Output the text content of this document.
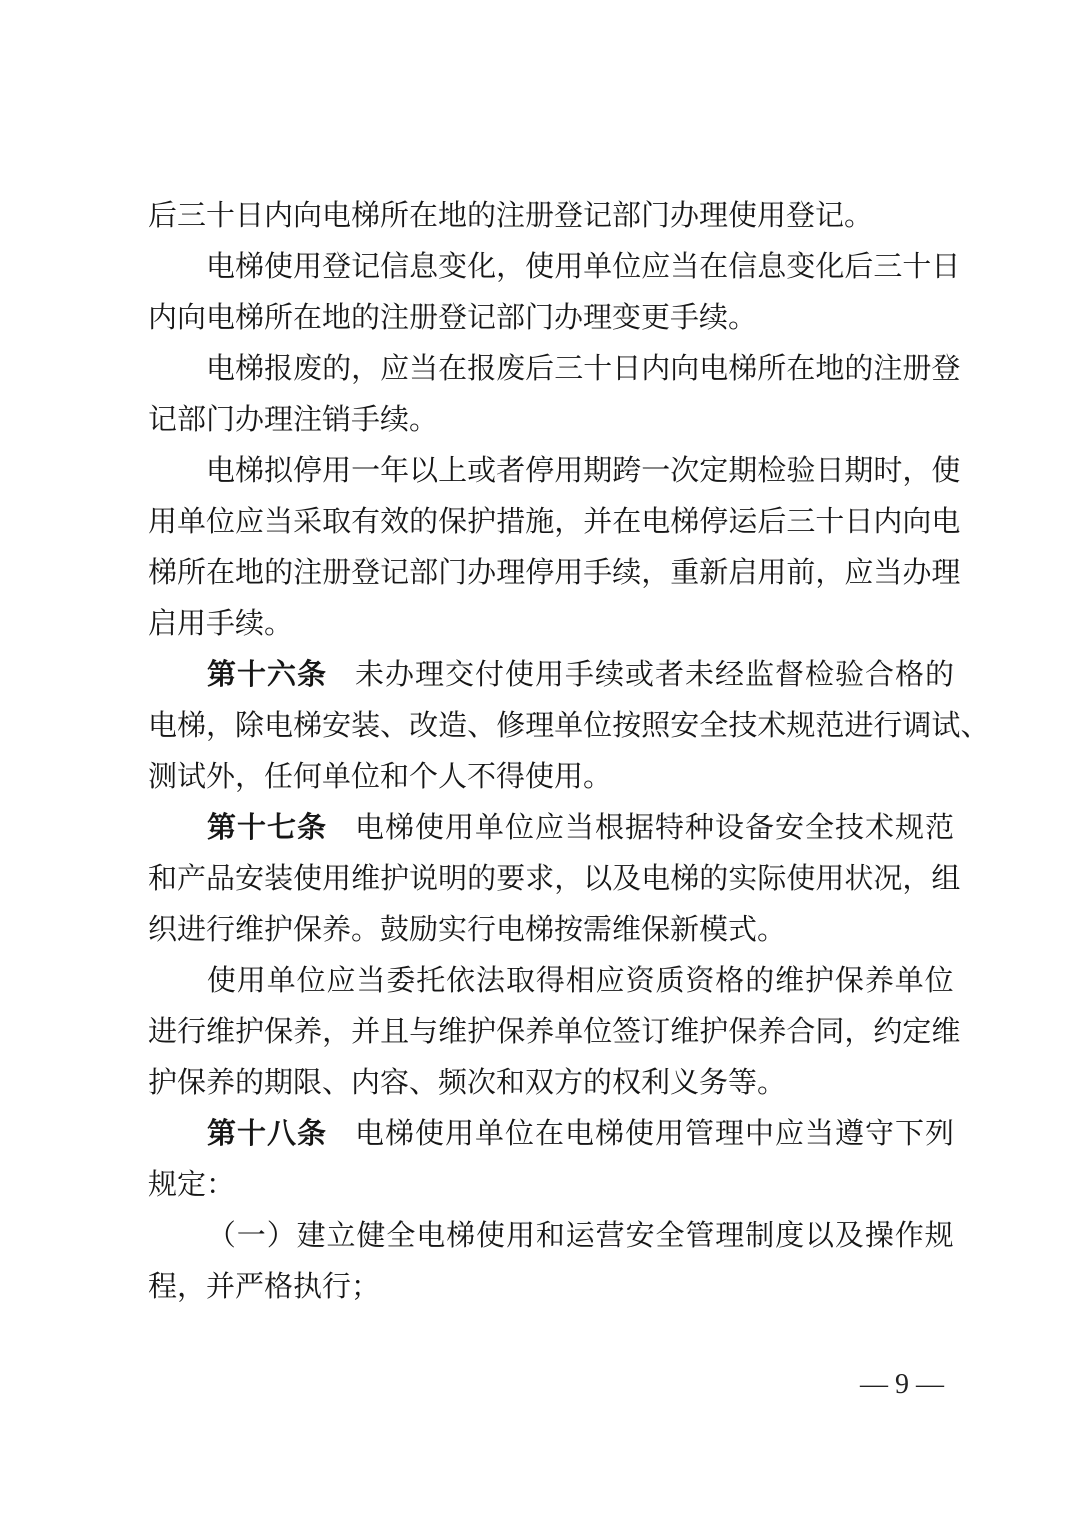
后三十日内向电梯所在地的注册登记部门办理使用登记。
电 梯 使 用 登 记 信 息 变 化 ， 使 用 单 位 应 当 在 信 息 变 化 后 三 十 日
内向电梯所在地的注册登记部门办理变更手续。
电 梯 报 废 的 ， 应 当 在 报 废 后 三 十 日 内 向 电 梯 所 在 地 的 注 册 登
记部门办理注销手续。
电 梯 拟 停 用 一 年 以 上 或 者 停 用 期 跨 一 次 定 期 检 验 日 期 时 ， 使
用 单 位 应 当 采 取 有 效 的 保 护 措 施 ， 并 在 电 梯 停 运 后 三 十 日 内 向 电
梯 所 在 地 的 注 册 登 记 部 门 办 理 停 用 手 续 ， 重 新 启 用 前 ， 应 当 办 理
启用手续。
第 十 六 条 未 办 理 交 付 使 用 手 续 或 者 未 经 监 督 检 验 合 格 的
电 梯 ， 除 电 梯 安 装 、 改 造 、 修 理 单 位 按 照 安 全 技 术 规 范 进 行 调 试 、
测试外，任何单位和个人不得使用。
第 十 七 条 电 梯 使 用 单 位 应 当 根 据 特 种 设 备 安 全 技 术 规 范
和 产 品 安 装 使 用 维 护 说 明 的 要 求 ， 以 及 电 梯 的 实 际 使 用 状 况 ， 组
织进行维护保养。鼓励实行电梯按需维保新模式。
使 用 单 位 应 当 委 托 依 法 取 得 相 应 资 质 资 格 的 维 护 保 养 单 位
进 行 维 护 保 养 ， 并 且 与 维 护 保 养 单 位 签 订 维 护 保 养 合 同 ， 约 定 维
护保养的期限、内容、频次和双方的权利义务等。
第 十 八 条 电 梯 使 用 单 位 在 电 梯 使 用 管 理 中 应 当 遵 守 下 列
规定：
（ 一 ） 建 立 健 全 电 梯 使 用 和 运 营 安 全 管 理 制 度 以 及 操 作 规
程，并严格执行；
— 9 —
